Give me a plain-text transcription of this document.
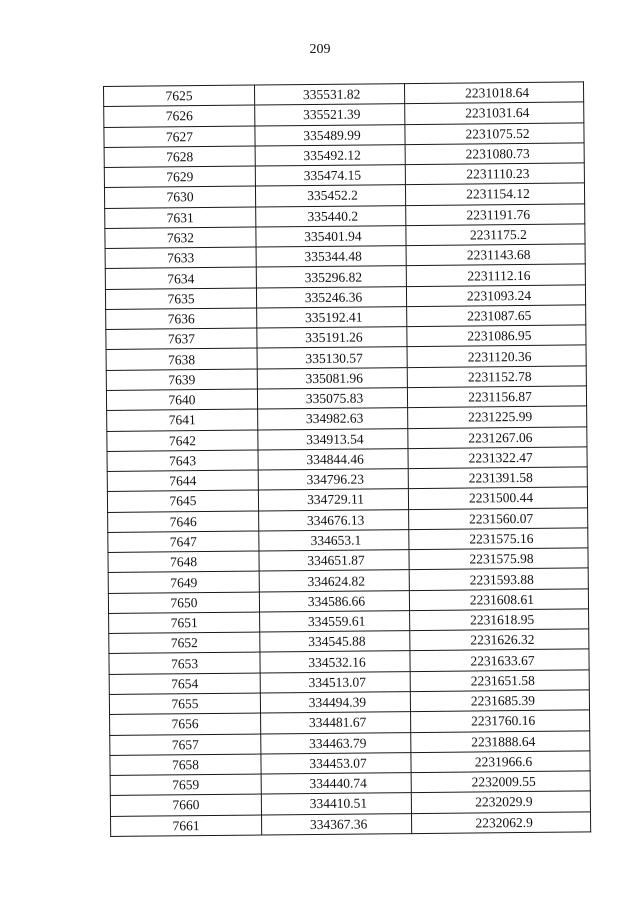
209
7625	335531.82	2231018.64
7626	335521.39	2231031.64
7627	335489.99	2231075.52
7628	335492.12	2231080.73
7629	335474.15	2231110.23
7630	335452.2	2231154.12
7631	335440.2	2231191.76
7632	335401.94	2231175.2
7633	335344.48	2231143.68
7634	335296.82	2231112.16
7635	335246.36	2231093.24
7636	335192.41	2231087.65
7637	335191.26	2231086.95
7638	335130.57	2231120.36
7639	335081.96	2231152.78
7640	335075.83	2231156.87
7641	334982.63	2231225.99
7642	334913.54	2231267.06
7643	334844.46	2231322.47
7644	334796.23	2231391.58
7645	334729.11	2231500.44
7646	334676.13	2231560.07
7647	334653.1	2231575.16
7648	334651.87	2231575.98
7649	334624.82	2231593.88
7650	334586.66	2231608.61
7651	334559.61	2231618.95
7652	334545.88	2231626.32
7653	334532.16	2231633.67
7654	334513.07	2231651.58
7655	334494.39	2231685.39
7656	334481.67	2231760.16
7657	334463.79	2231888.64
7658	334453.07	2231966.6
7659	334440.74	2232009.55
7660	334410.51	2232029.9
7661	334367.36	2232062.9
